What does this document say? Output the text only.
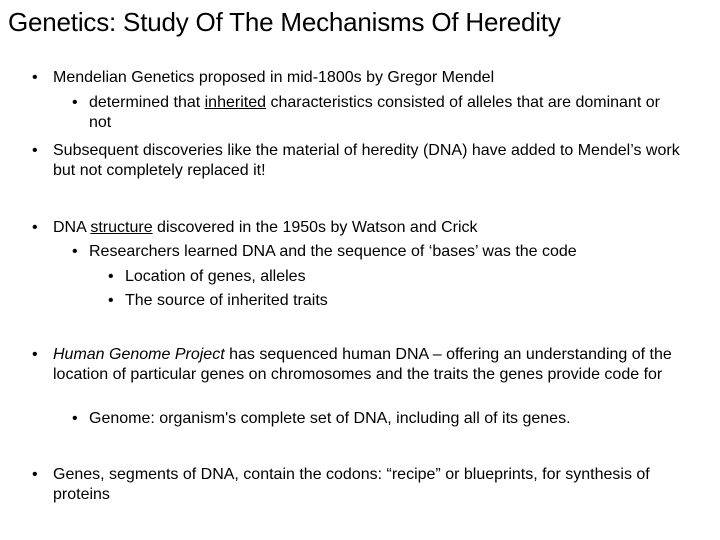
Genetics: Study Of The Mechanisms Of Heredity
• Mendelian Genetics proposed in mid-1800s by Gregor Mendel
• determined that inherited characteristics consisted of alleles that are dominant or not
• Subsequent discoveries like the material of heredity (DNA) have added to Mendel’s work but not completely replaced it!
• DNA structure discovered in the 1950s by Watson and Crick
• Researchers learned DNA and the sequence of ‘bases’ was the code
• Location of genes, alleles
• The source of inherited traits
• Human Genome Project has sequenced human DNA – offering an understanding of the location of particular genes on chromosomes and the traits the genes provide code for
• Genome: organism's complete set of DNA, including all of its genes.
• Genes, segments of DNA, contain the codons: “recipe” or blueprints, for synthesis of proteins
